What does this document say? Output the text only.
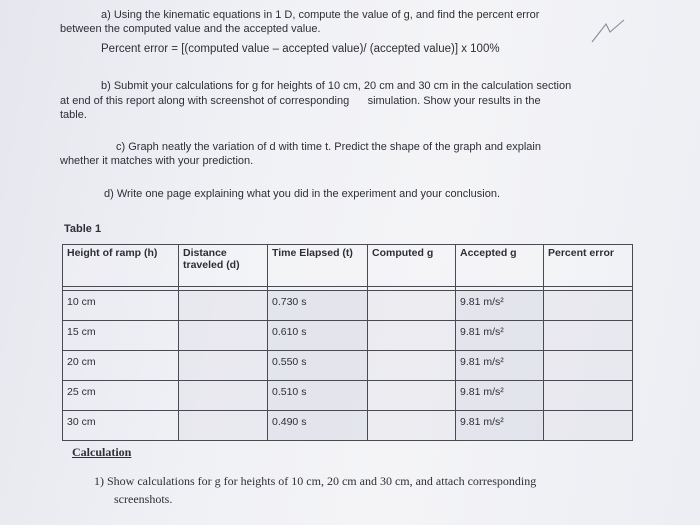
a) Using the kinematic equations in 1 D, compute the value of g, and find the percent error

between the computed value and the accepted value.

Percent error = [(computed value – accepted value)/ (accepted value)] x 100%

b) Submit your calculations for g for heights of 10 cm, 20 cm and 30 cm in the calculation section

at end of this report along with screenshot of corresponding      simulation. Show your results in the

table.

c) Graph neatly the variation of d with time t. Predict the shape of the graph and explain

whether it matches with your prediction.

d) Write one page explaining what you did in the experiment and your conclusion.

Table 1

Height of ramp (h)	Distance traveled (d)	Time Elapsed (t)	Computed g	Accepted g	Percent error

10 cm		0.730 s		9.81 m/s²	
15 cm		0.610 s		9.81 m/s²	
20 cm		0.550 s		9.81 m/s²	
25 cm		0.510 s		9.81 m/s²	
30 cm		0.490 s		9.81 m/s²	

Calculation

1) Show calculations for g for heights of 10 cm, 20 cm and 30 cm, and attach corresponding

screenshots.
